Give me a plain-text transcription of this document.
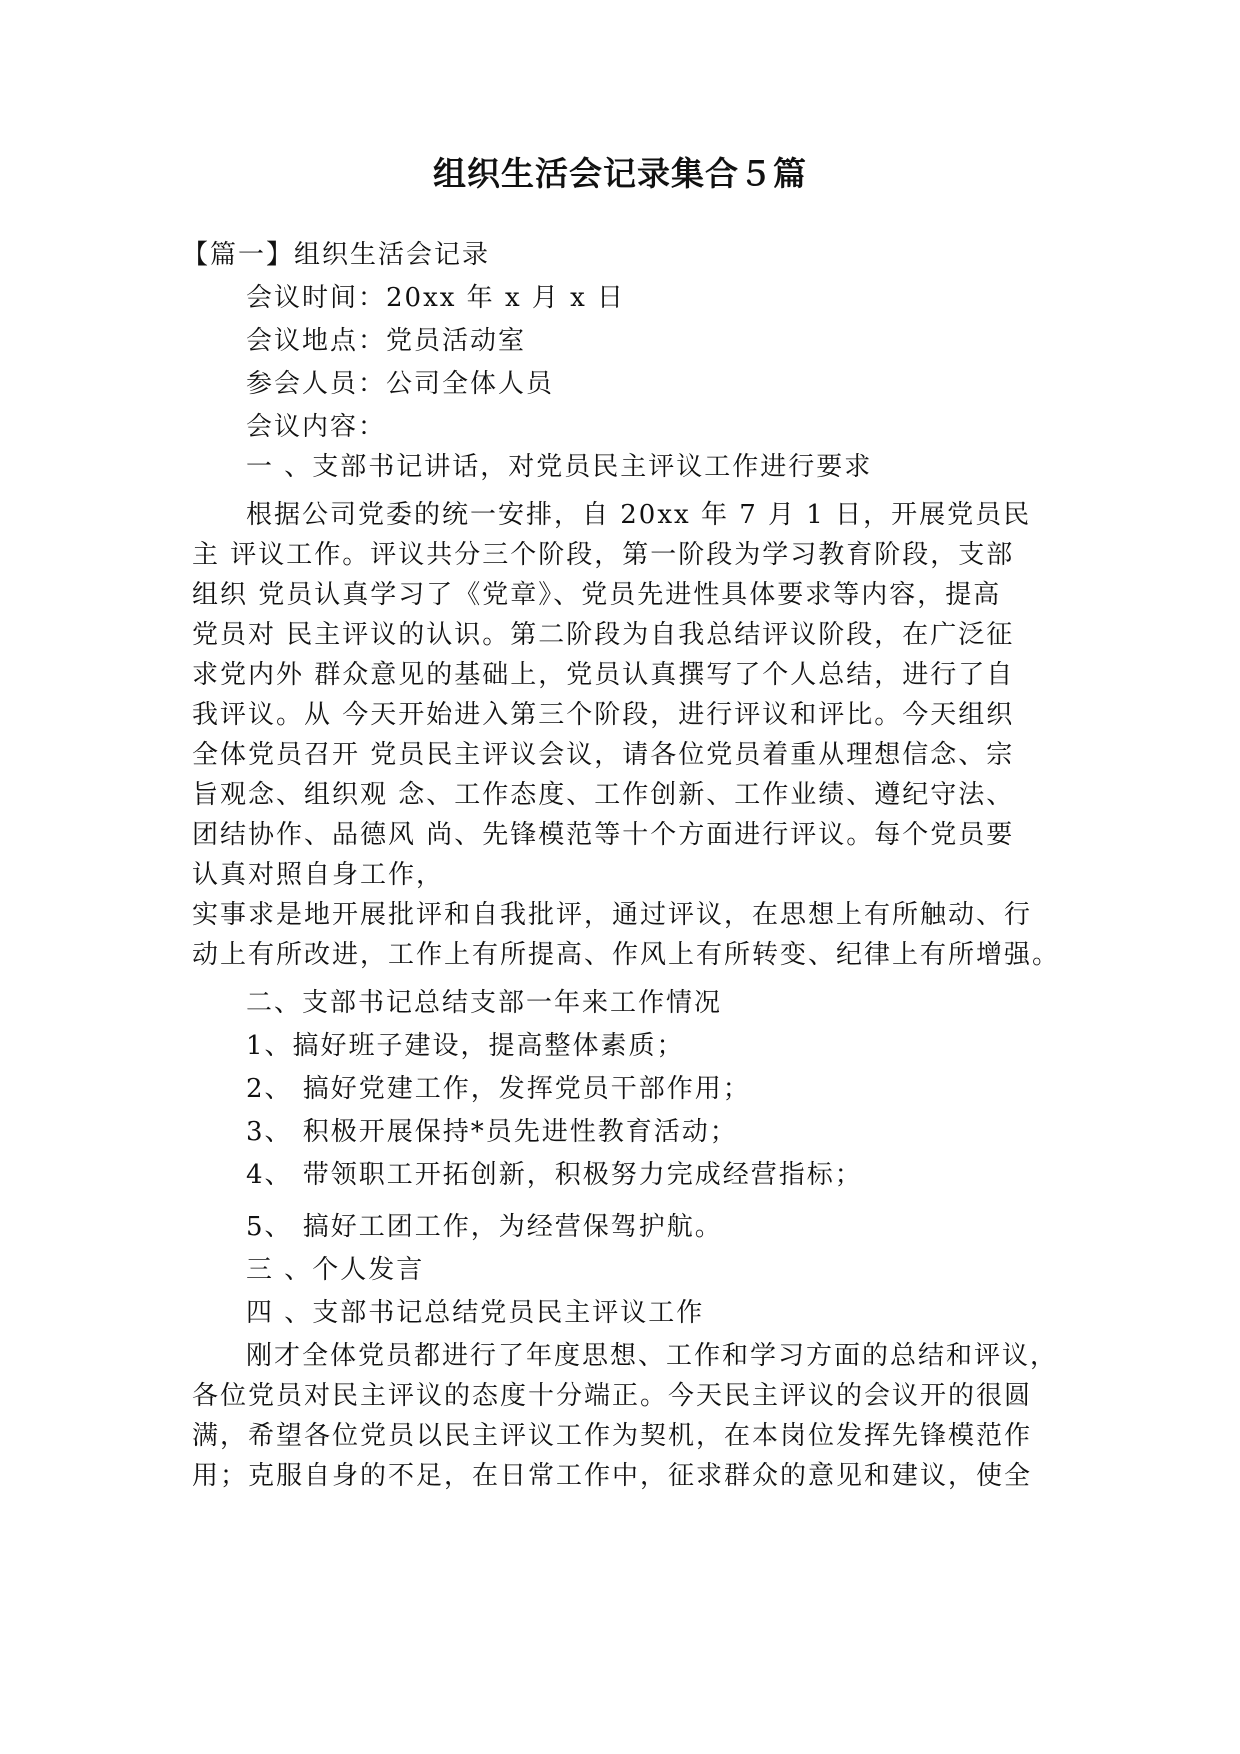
组织生活会记录集合５篇

【篇一】组织生活会记录

会议时间：20xx 年 x 月 x 日

会议地点：党员活动室

参会人员：公司全体人员

会议内容：

一 、支部书记讲话，对党员民主评议工作进行要求

根据公司党委的统一安排，自 20xx 年 7 月 1 日，开展党员民

主 评议工作。评议共分三个阶段，第一阶段为学习教育阶段，支部

组织 党员认真学习了《党章》、党员先进性具体要求等内容，提高

党员对 民主评议的认识。第二阶段为自我总结评议阶段，在广泛征

求党内外 群众意见的基础上，党员认真撰写了个人总结，进行了自

我评议。从 今天开始进入第三个阶段，进行评议和评比。今天组织

全体党员召开 党员民主评议会议，请各位党员着重从理想信念、宗

旨观念、组织观 念、工作态度、工作创新、工作业绩、遵纪守法、

团结协作、品德风 尚、先锋模范等十个方面进行评议。每个党员要

认真对照自身工作，

实事求是地开展批评和自我批评，通过评议，在思想上有所触动、行

动上有所改进，工作上有所提高、作风上有所转变、纪律上有所增强。

二、支部书记总结支部一年来工作情况

1、搞好班子建设，提高整体素质；

2、 搞好党建工作，发挥党员干部作用；

3、 积极开展保持*员先进性教育活动；

4、 带领职工开拓创新，积极努力完成经营指标；

5、 搞好工团工作，为经营保驾护航。

三 、个人发言

四 、支部书记总结党员民主评议工作

刚才全体党员都进行了年度思想、工作和学习方面的总结和评议，

各位党员对民主评议的态度十分端正。今天民主评议的会议开的很圆

满，希望各位党员以民主评议工作为契机，在本岗位发挥先锋模范作

用；克服自身的不足，在日常工作中，征求群众的意见和建议，使全
